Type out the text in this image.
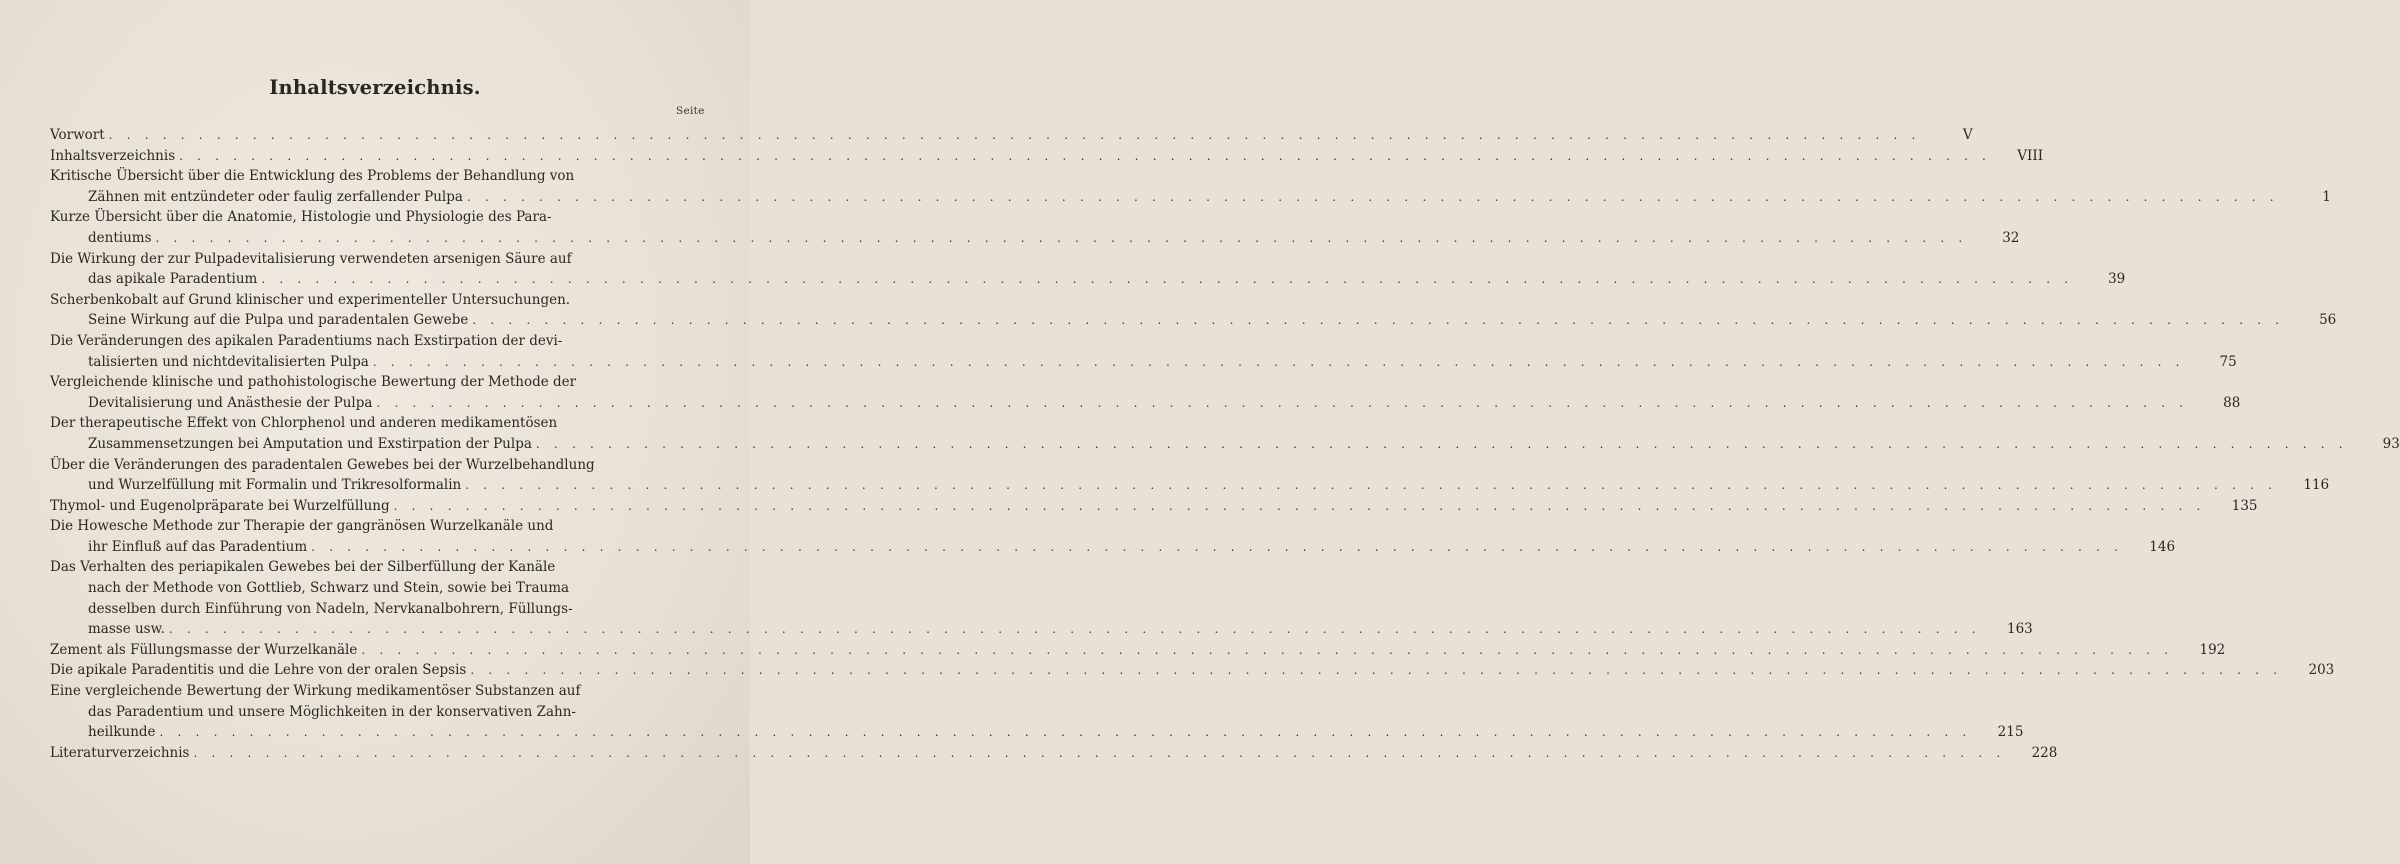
Inhaltsverzeichnis.
Seite
Vorwort . . . . . . . . . . . . . . . . . . . . . . . . . . . . . . . . . . . . . . . . . . . . . . . . . . . . . . . . . . . . . . . . . . . . . . . . . . . . . . . . . . . . . . . . . . . . . . . . . . . . .	V
Inhaltsverzeichnis . . . . . . . . . . . . . . . . . . . . . . . . . . . . . . . . . . . . . . . . . . . . . . . . . . . . . . . . . . . . . . . . . . . . . . . . . . . . . . . . . . . . . . . . . . . . . . . . . . . . .	VIII
Kritische Übersicht über die Entwicklung des Problems der Behandlung von
Zähnen mit entzündeter oder faulig zerfallender Pulpa . . . . . . . . . . . . . . . . . . . . . . . . . . . . . . . . . . . . . . . . . . . . . . . . . . . . . . . . . . . . . . . . . . . . . . . . . . . . . . . . . . . . . . . . . . . . . . . . . . . . .	1
Kurze Übersicht über die Anatomie, Histologie und Physiologie des Para-
dentiums . . . . . . . . . . . . . . . . . . . . . . . . . . . . . . . . . . . . . . . . . . . . . . . . . . . . . . . . . . . . . . . . . . . . . . . . . . . . . . . . . . . . . . . . . . . . . . . . . . . . .	32
Die Wirkung der zur Pulpadevitalisierung verwendeten arsenigen Säure auf
das apikale Paradentium . . . . . . . . . . . . . . . . . . . . . . . . . . . . . . . . . . . . . . . . . . . . . . . . . . . . . . . . . . . . . . . . . . . . . . . . . . . . . . . . . . . . . . . . . . . . . . . . . . . . .	39
Scherbenkobalt auf Grund klinischer und experimenteller Untersuchungen.
Seine Wirkung auf die Pulpa und paradentalen Gewebe . . . . . . . . . . . . . . . . . . . . . . . . . . . . . . . . . . . . . . . . . . . . . . . . . . . . . . . . . . . . . . . . . . . . . . . . . . . . . . . . . . . . . . . . . . . . . . . . . . . . .	56
Die Veränderungen des apikalen Paradentiums nach Exstirpation der devi-
talisierten und nichtdevitalisierten Pulpa . . . . . . . . . . . . . . . . . . . . . . . . . . . . . . . . . . . . . . . . . . . . . . . . . . . . . . . . . . . . . . . . . . . . . . . . . . . . . . . . . . . . . . . . . . . . . . . . . . . . .	75
Vergleichende klinische und pathohistologische Bewertung der Methode der
Devitalisierung und Anästhesie der Pulpa . . . . . . . . . . . . . . . . . . . . . . . . . . . . . . . . . . . . . . . . . . . . . . . . . . . . . . . . . . . . . . . . . . . . . . . . . . . . . . . . . . . . . . . . . . . . . . . . . . . . .	88
Der therapeutische Effekt von Chlorphenol und anderen medikamentösen
Zusammensetzungen bei Amputation und Exstirpation der Pulpa . . . . . . . . . . . . . . . . . . . . . . . . . . . . . . . . . . . . . . . . . . . . . . . . . . . . . . . . . . . . . . . . . . . . . . . . . . . . . . . . . . . . . . . . . . . . . . . . . . . . .	93
Über die Veränderungen des paradentalen Gewebes bei der Wurzelbehandlung
und Wurzelfüllung mit Formalin und Trikresolformalin . . . . . . . . . . . . . . . . . . . . . . . . . . . . . . . . . . . . . . . . . . . . . . . . . . . . . . . . . . . . . . . . . . . . . . . . . . . . . . . . . . . . . . . . . . . . . . . . . . . . .	116
Thymol- und Eugenolpräparate bei Wurzelfüllung . . . . . . . . . . . . . . . . . . . . . . . . . . . . . . . . . . . . . . . . . . . . . . . . . . . . . . . . . . . . . . . . . . . . . . . . . . . . . . . . . . . . . . . . . . . . . . . . . . . . .	135
Die Howesche Methode zur Therapie der gangränösen Wurzelkanäle und
ihr Einfluß auf das Paradentium . . . . . . . . . . . . . . . . . . . . . . . . . . . . . . . . . . . . . . . . . . . . . . . . . . . . . . . . . . . . . . . . . . . . . . . . . . . . . . . . . . . . . . . . . . . . . . . . . . . . .	146
Das Verhalten des periapikalen Gewebes bei der Silberfüllung der Kanäle
nach der Methode von Gottlieb, Schwarz und Stein, sowie bei Trauma
desselben durch Einführung von Nadeln, Nervkanalbohrern, Füllungs-
masse usw. . . . . . . . . . . . . . . . . . . . . . . . . . . . . . . . . . . . . . . . . . . . . . . . . . . . . . . . . . . . . . . . . . . . . . . . . . . . . . . . . . . . . . . . . . . . . . . . . . . . . .	163
Zement als Füllungsmasse der Wurzelkanäle . . . . . . . . . . . . . . . . . . . . . . . . . . . . . . . . . . . . . . . . . . . . . . . . . . . . . . . . . . . . . . . . . . . . . . . . . . . . . . . . . . . . . . . . . . . . . . . . . . . . .	192
Die apikale Paradentitis und die Lehre von der oralen Sepsis . . . . . . . . . . . . . . . . . . . . . . . . . . . . . . . . . . . . . . . . . . . . . . . . . . . . . . . . . . . . . . . . . . . . . . . . . . . . . . . . . . . . . . . . . . . . . . . . . . . . .	203
Eine vergleichende Bewertung der Wirkung medikamentöser Substanzen auf
das Paradentium und unsere Möglichkeiten in der konservativen Zahn-
heilkunde . . . . . . . . . . . . . . . . . . . . . . . . . . . . . . . . . . . . . . . . . . . . . . . . . . . . . . . . . . . . . . . . . . . . . . . . . . . . . . . . . . . . . . . . . . . . . . . . . . . . .	215
Literaturverzeichnis . . . . . . . . . . . . . . . . . . . . . . . . . . . . . . . . . . . . . . . . . . . . . . . . . . . . . . . . . . . . . . . . . . . . . . . . . . . . . . . . . . . . . . . . . . . . . . . . . . . . .	228
